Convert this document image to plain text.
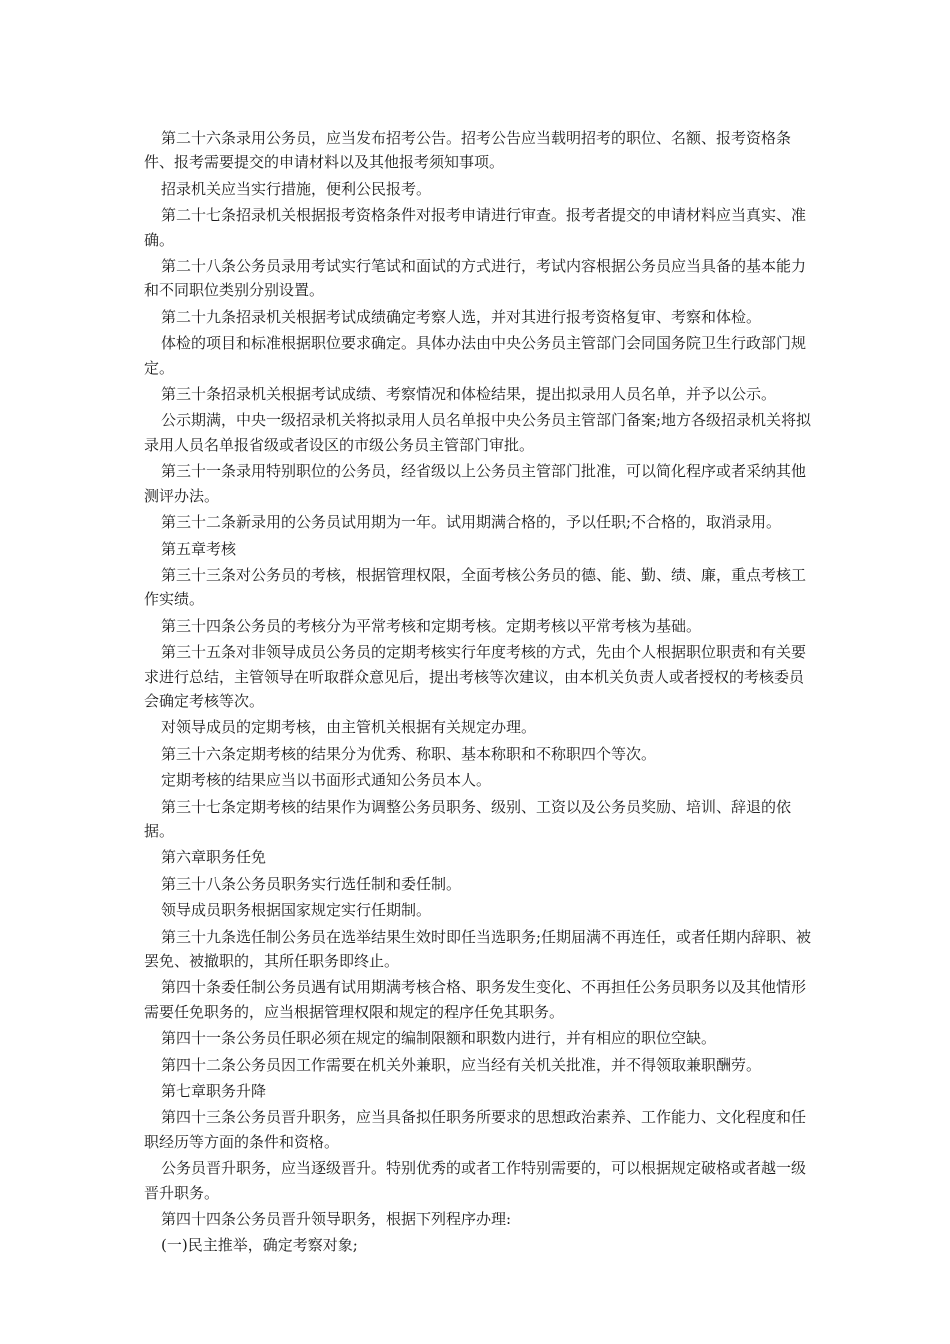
第二十六条录用公务员，应当发布招考公告。招考公告应当载明招考的职位、名额、报考资格条件、报考需要提交的申请材料以及其他报考须知事项。

招录机关应当实行措施，便利公民报考。

第二十七条招录机关根据报考资格条件对报考申请进行审查。报考者提交的申请材料应当真实、准确。

第二十八条公务员录用考试实行笔试和面试的方式进行，考试内容根据公务员应当具备的基本能力和不同职位类别分别设置。

第二十九条招录机关根据考试成绩确定考察人选，并对其进行报考资格复审、考察和体检。

体检的项目和标准根据职位要求确定。具体办法由中央公务员主管部门会同国务院卫生行政部门规定。

第三十条招录机关根据考试成绩、考察情况和体检结果，提出拟录用人员名单，并予以公示。

公示期满，中央一级招录机关将拟录用人员名单报中央公务员主管部门备案;地方各级招录机关将拟录用人员名单报省级或者设区的市级公务员主管部门审批。

第三十一条录用特别职位的公务员，经省级以上公务员主管部门批准，可以简化程序或者采纳其他测评办法。

第三十二条新录用的公务员试用期为一年。试用期满合格的，予以任职;不合格的，取消录用。

第五章考核

第三十三条对公务员的考核，根据管理权限，全面考核公务员的德、能、勤、绩、廉，重点考核工作实绩。

第三十四条公务员的考核分为平常考核和定期考核。定期考核以平常考核为基础。

第三十五条对非领导成员公务员的定期考核实行年度考核的方式，先由个人根据职位职责和有关要求进行总结，主管领导在听取群众意见后，提出考核等次建议，由本机关负责人或者授权的考核委员会确定考核等次。

对领导成员的定期考核，由主管机关根据有关规定办理。

第三十六条定期考核的结果分为优秀、称职、基本称职和不称职四个等次。

定期考核的结果应当以书面形式通知公务员本人。

第三十七条定期考核的结果作为调整公务员职务、级别、工资以及公务员奖励、培训、辞退的依据。

第六章职务任免

第三十八条公务员职务实行选任制和委任制。

领导成员职务根据国家规定实行任期制。

第三十九条选任制公务员在选举结果生效时即任当选职务;任期届满不再连任，或者任期内辞职、被罢免、被撤职的，其所任职务即终止。

第四十条委任制公务员遇有试用期满考核合格、职务发生变化、不再担任公务员职务以及其他情形需要任免职务的，应当根据管理权限和规定的程序任免其职务。

第四十一条公务员任职必须在规定的编制限额和职数内进行，并有相应的职位空缺。

第四十二条公务员因工作需要在机关外兼职，应当经有关机关批准，并不得领取兼职酬劳。

第七章职务升降

第四十三条公务员晋升职务，应当具备拟任职务所要求的思想政治素养、工作能力、文化程度和任职经历等方面的条件和资格。

公务员晋升职务，应当逐级晋升。特别优秀的或者工作特别需要的，可以根据规定破格或者越一级晋升职务。

第四十四条公务员晋升领导职务，根据下列程序办理:

(一)民主推举，确定考察对象;
